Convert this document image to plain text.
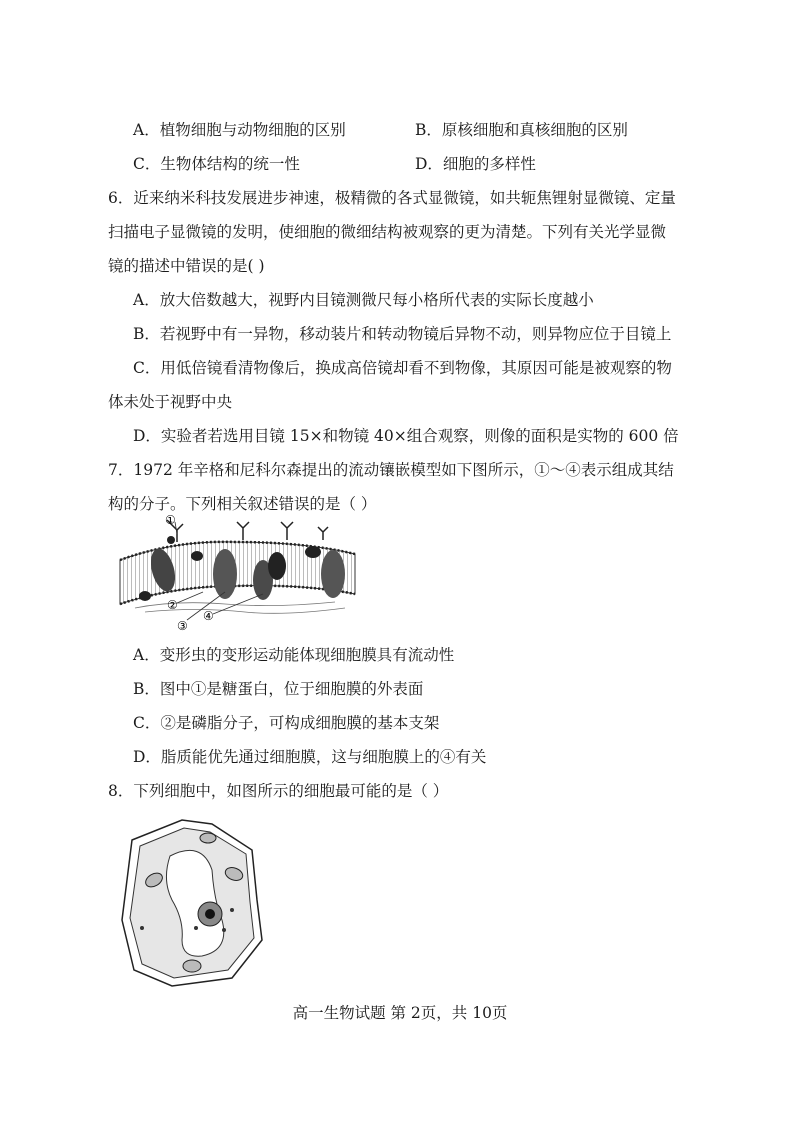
A．植物细胞与动物细胞的区别	B．原核细胞和真核细胞的区别
C．生物体结构的统一性	D．细胞的多样性
6．近来纳米科技发展进步神速，极精微的各式显微镜，如共轭焦锂射显微镜、定量
扫描电子显微镜的发明，使细胞的微细结构被观察的更为清楚。下列有关光学显微
镜的描述中错误的是( )
A．放大倍数越大，视野内目镜测微尺每小格所代表的实际长度越小
B．若视野中有一异物，移动装片和转动物镜后异物不动，则异物应位于目镜上
C．用低倍镜看清物像后，换成高倍镜却看不到物像，其原因可能是被观察的物
体未处于视野中央
D．实验者若选用目镜 15×和物镜 40×组合观察，则像的面积是实物的 600 倍
7．1972 年辛格和尼科尔森提出的流动镶嵌模型如下图所示，①～④表示组成其结
构的分子。下列相关叙述错误的是（ ）
①
②
③
④
A．变形虫的变形运动能体现细胞膜具有流动性
B．图中①是糖蛋白，位于细胞膜的外表面
C．②是磷脂分子，可构成细胞膜的基本支架
D．脂质能优先通过细胞膜，这与细胞膜上的④有关
8．下列细胞中，如图所示的细胞最可能的是（ ）
高一生物试题 第 2页，共 10页
